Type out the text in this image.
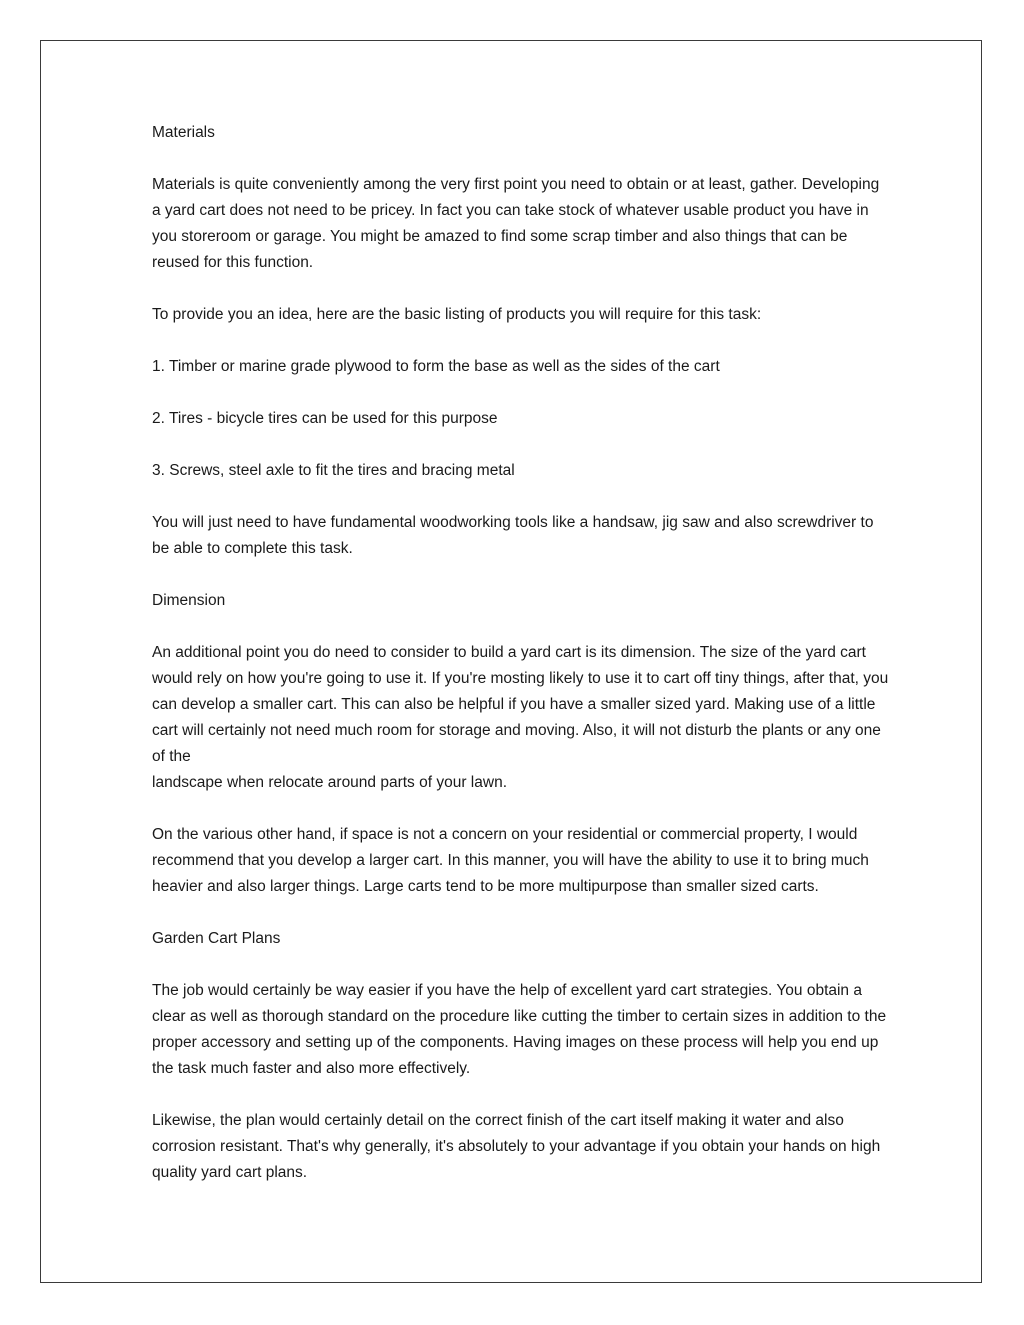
Materials
Materials is quite conveniently among the very first point you need to obtain or at least, gather. Developing a yard cart does not need to be pricey. In fact you can take stock of whatever usable product you have in you storeroom or garage. You might be amazed to find some scrap timber and also things that can be reused for this function.
To provide you an idea, here are the basic listing of products you will require for this task:
1. Timber or marine grade plywood to form the base as well as the sides of the cart
2. Tires - bicycle tires can be used for this purpose
3. Screws, steel axle to fit the tires and bracing metal
You will just need to have fundamental woodworking tools like a handsaw, jig saw and also screwdriver to be able to complete this task.
Dimension
An additional point you do need to consider to build a yard cart is its dimension. The size of the yard cart would rely on how you're going to use it. If you're mosting likely to use it to cart off tiny things, after that, you can develop a smaller cart. This can also be helpful if you have a smaller sized yard. Making use of a little cart will certainly not need much room for storage and moving. Also, it will not disturb the plants or any one of the
landscape when relocate around parts of your lawn.
On the various other hand, if space is not a concern on your residential or commercial property, I would recommend that you develop a larger cart. In this manner, you will have the ability to use it to bring much heavier and also larger things. Large carts tend to be more multipurpose than smaller sized carts.
Garden Cart Plans
The job would certainly be way easier if you have the help of excellent yard cart strategies. You obtain a clear as well as thorough standard on the procedure like cutting the timber to certain sizes in addition to the proper accessory and setting up of the components. Having images on these process will help you end up the task much faster and also more effectively.
Likewise, the plan would certainly detail on the correct finish of the cart itself making it water and also corrosion resistant. That's why generally, it's absolutely to your advantage if you obtain your hands on high quality yard cart plans.
